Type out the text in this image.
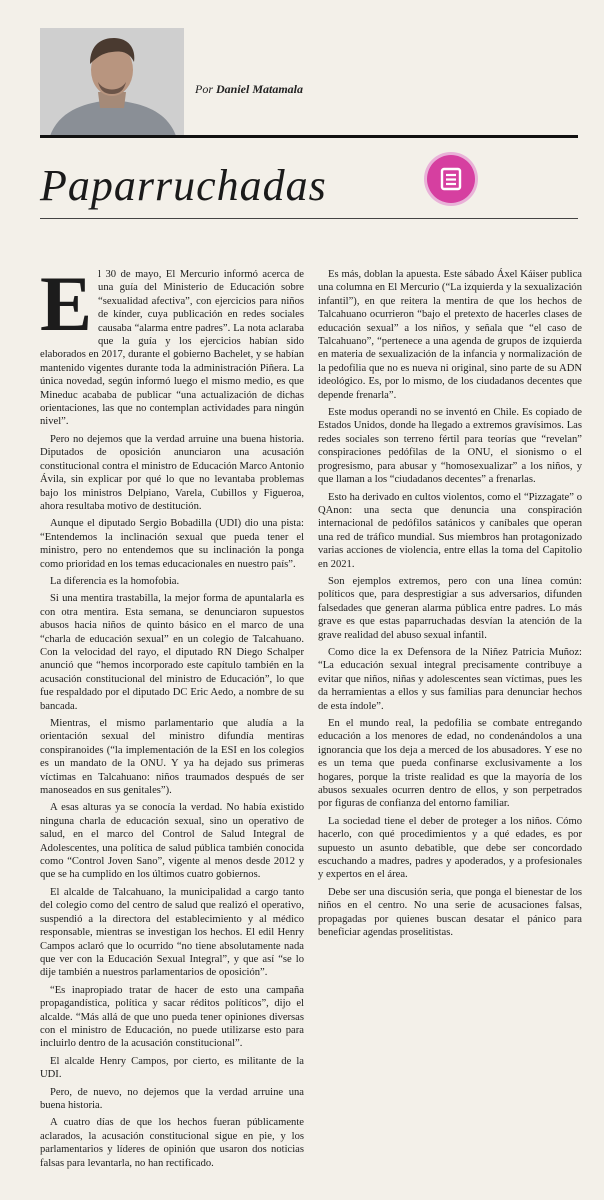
Por Daniel Matamala
Paparruchadas

El 30 de mayo, El Mercurio informó acerca de una guía del Ministerio de Educación sobre “sexualidad afectiva”, con ejercicios para niños de kínder, cuya publicación en redes sociales causaba “alarma entre padres”. La nota aclaraba que la guía y los ejercicios habían sido elaborados en 2017, durante el gobierno Bachelet, y se habían mantenido vigentes durante toda la administración Piñera. La única novedad, según informó luego el mismo medio, es que Mineduc acababa de publicar “una actualización de dichas orientaciones, las que no contemplan actividades para ningún nivel”.

Pero no dejemos que la verdad arruine una buena historia. Diputados de oposición anunciaron una acusación constitucional contra el ministro de Educación Marco Antonio Ávila, sin explicar por qué lo que no levantaba problemas bajo los ministros Delpiano, Varela, Cubillos y Figueroa, ahora resultaba motivo de destitución.

Aunque el diputado Sergio Bobadilla (UDI) dio una pista: “Entendemos la inclinación sexual que pueda tener el ministro, pero no entendemos que su inclinación la ponga como prioridad en los temas educacionales en nuestro país”.

La diferencia es la homofobia.

Si una mentira trastabilla, la mejor forma de apuntalarla es con otra mentira. Esta semana, se denunciaron supuestos abusos hacia niños de quinto básico en el marco de una “charla de educación sexual” en un colegio de Talcahuano. Con la velocidad del rayo, el diputado RN Diego Schalper anunció que “hemos incorporado este capítulo también en la acusación constitucional del ministro de Educación”, lo que fue respaldado por el diputado DC Eric Aedo, a nombre de su bancada.

Mientras, el mismo parlamentario que aludía a la orientación sexual del ministro difundía mentiras conspiranoides (“la implementación de la ESI en los colegios es un mandato de la ONU. Y ya ha dejado sus primeras víctimas en Talcahuano: niños traumados después de ser manoseados en sus genitales”).

A esas alturas ya se conocía la verdad. No había existido ninguna charla de educación sexual, sino un operativo de salud, en el marco del Control de Salud Integral de Adolescentes, una política de salud pública también conocida como “Control Joven Sano”, vigente al menos desde 2012 y que se ha cumplido en los últimos cuatro gobiernos.

El alcalde de Talcahuano, la municipalidad a cargo tanto del colegio como del centro de salud que realizó el operativo, suspendió a la directora del establecimiento y al médico responsable, mientras se investigan los hechos. El edil Henry Campos aclaró que lo ocurrido “no tiene absolutamente nada que ver con la Educación Sexual Integral”, y que así “se lo dije también a nuestros parlamentarios de oposición”.

“Es inapropiado tratar de hacer de esto una campaña propagandística, política y sacar réditos políticos”, dijo el alcalde. “Más allá de que uno pueda tener opiniones diversas con el ministro de Educación, no puede utilizarse esto para incluirlo dentro de la acusación constitucional”.

El alcalde Henry Campos, por cierto, es militante de la UDI.

Pero, de nuevo, no dejemos que la verdad arruine una buena historia.

A cuatro días de que los hechos fueran públicamente aclarados, la acusación constitucional sigue en pie, y los parlamentarios y líderes de opinión que usaron dos noticias falsas para levantarla, no han rectificado.

Es más, doblan la apuesta. Este sábado Áxel Káiser publica una columna en El Mercurio (“La izquierda y la sexualización infantil”), en que reitera la mentira de que los hechos de Talcahuano ocurrieron “bajo el pretexto de hacerles clases de educación sexual” a los niños, y señala que “el caso de Talcahuano”, “pertenece a una agenda de grupos de izquierda en materia de sexualización de la infancia y normalización de la pedofilia que no es nueva ni original, sino parte de su ADN ideológico. Es, por lo mismo, de los ciudadanos decentes que depende frenarla”.

Este modus operandi no se inventó en Chile. Es copiado de Estados Unidos, donde ha llegado a extremos gravísimos. Las redes sociales son terreno fértil para teorías que “revelan” conspiraciones pedófilas de la ONU, el sionismo o el progresismo, para abusar y “homosexualizar” a los niños, y que llaman a los “ciudadanos decentes” a frenarlas.

Esto ha derivado en cultos violentos, como el “Pizzagate” o QAnon: una secta que denuncia una conspiración internacional de pedófilos satánicos y caníbales que operan una red de tráfico mundial. Sus miembros han protagonizado varias acciones de violencia, entre ellas la toma del Capitolio en 2021.

Son ejemplos extremos, pero con una línea común: políticos que, para desprestigiar a sus adversarios, difunden falsedades que generan alarma pública entre padres. Lo más grave es que estas paparruchadas desvían la atención de la grave realidad del abuso sexual infantil.

Como dice la ex Defensora de la Niñez Patricia Muñoz: “La educación sexual integral precisamente contribuye a evitar que niños, niñas y adolescentes sean víctimas, pues les da herramientas a ellos y sus familias para denunciar hechos de esta índole”.

En el mundo real, la pedofilia se combate entregando educación a los menores de edad, no condenándolos a una ignorancia que los deja a merced de los abusadores. Y ese no es un tema que pueda confinarse exclusivamente a los hogares, porque la triste realidad es que la mayoría de los abusos sexuales ocurren dentro de ellos, y son perpetrados por figuras de confianza del entorno familiar.

La sociedad tiene el deber de proteger a los niños. Cómo hacerlo, con qué procedimientos y a qué edades, es por supuesto un asunto debatible, que debe ser concordado escuchando a madres, padres y apoderados, y a profesionales y expertos en el área.

Debe ser una discusión seria, que ponga el bienestar de los niños en el centro. No una serie de acusaciones falsas, propagadas por quienes buscan desatar el pánico para beneficiar agendas proselitistas.
